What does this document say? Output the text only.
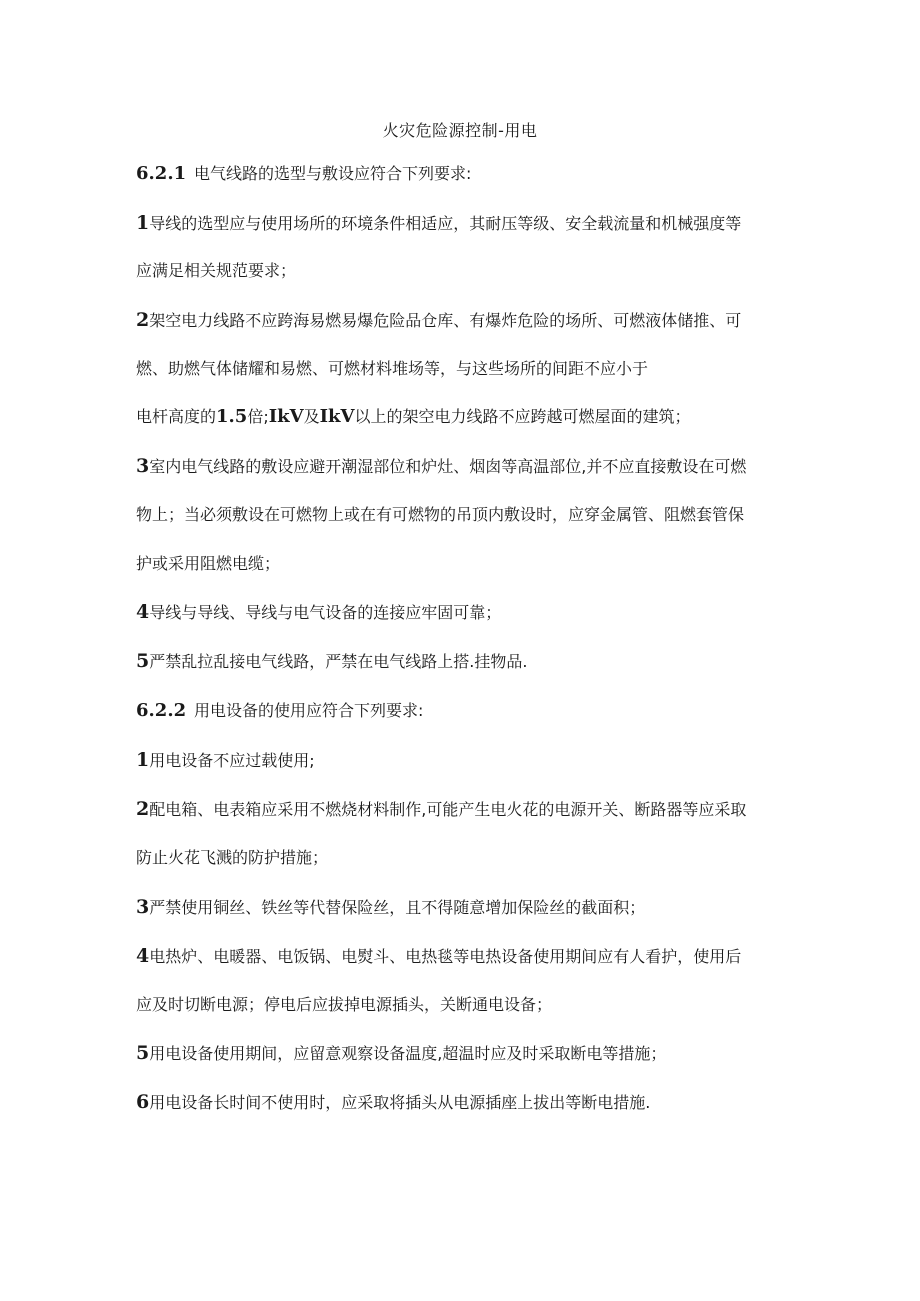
火灾危险源控制-用电
6.2.1 电气线路的选型与敷设应符合下列要求:
1导线的选型应与使用场所的环境条件相适应，其耐压等级、安全载流量和机械强度等
应满足相关规范要求；
2架空电力线路不应跨海易燃易爆危险品仓库、有爆炸危险的场所、可燃液体储推、可
燃、助燃气体储耀和易燃、可燃材料堆场等，与这些场所的间距不应小于
电杆高度的1.5倍;IkV及IkV以上的架空电力线路不应跨越可燃屋面的建筑；
3室内电气线路的敷设应避开潮湿部位和炉灶、烟囱等高温部位,并不应直接敷设在可燃
物上；当必须敷设在可燃物上或在有可燃物的吊顶内敷设时，应穿金属管、阻燃套管保
护或采用阻燃电缆；
4导线与导线、导线与电气设备的连接应牢固可靠；
5严禁乱拉乱接电气线路，严禁在电气线路上搭.挂物品.
6.2.2 用电设备的使用应符合下列要求:
1用电设备不应过载使用;
2配电箱、电表箱应采用不燃烧材料制作,可能产生电火花的电源开关、断路器等应采取
防止火花飞溅的防护措施；
3严禁使用铜丝、铁丝等代替保险丝，且不得随意增加保险丝的截面积；
4电热炉、电暖器、电饭锅、电熨斗、电热毯等电热设备使用期间应有人看护，使用后
应及时切断电源；停电后应拔掉电源插头，关断通电设备；
5用电设备使用期间，应留意观察设备温度,超温时应及时采取断电等措施；
6用电设备长时间不使用时，应采取将插头从电源插座上拔出等断电措施.
